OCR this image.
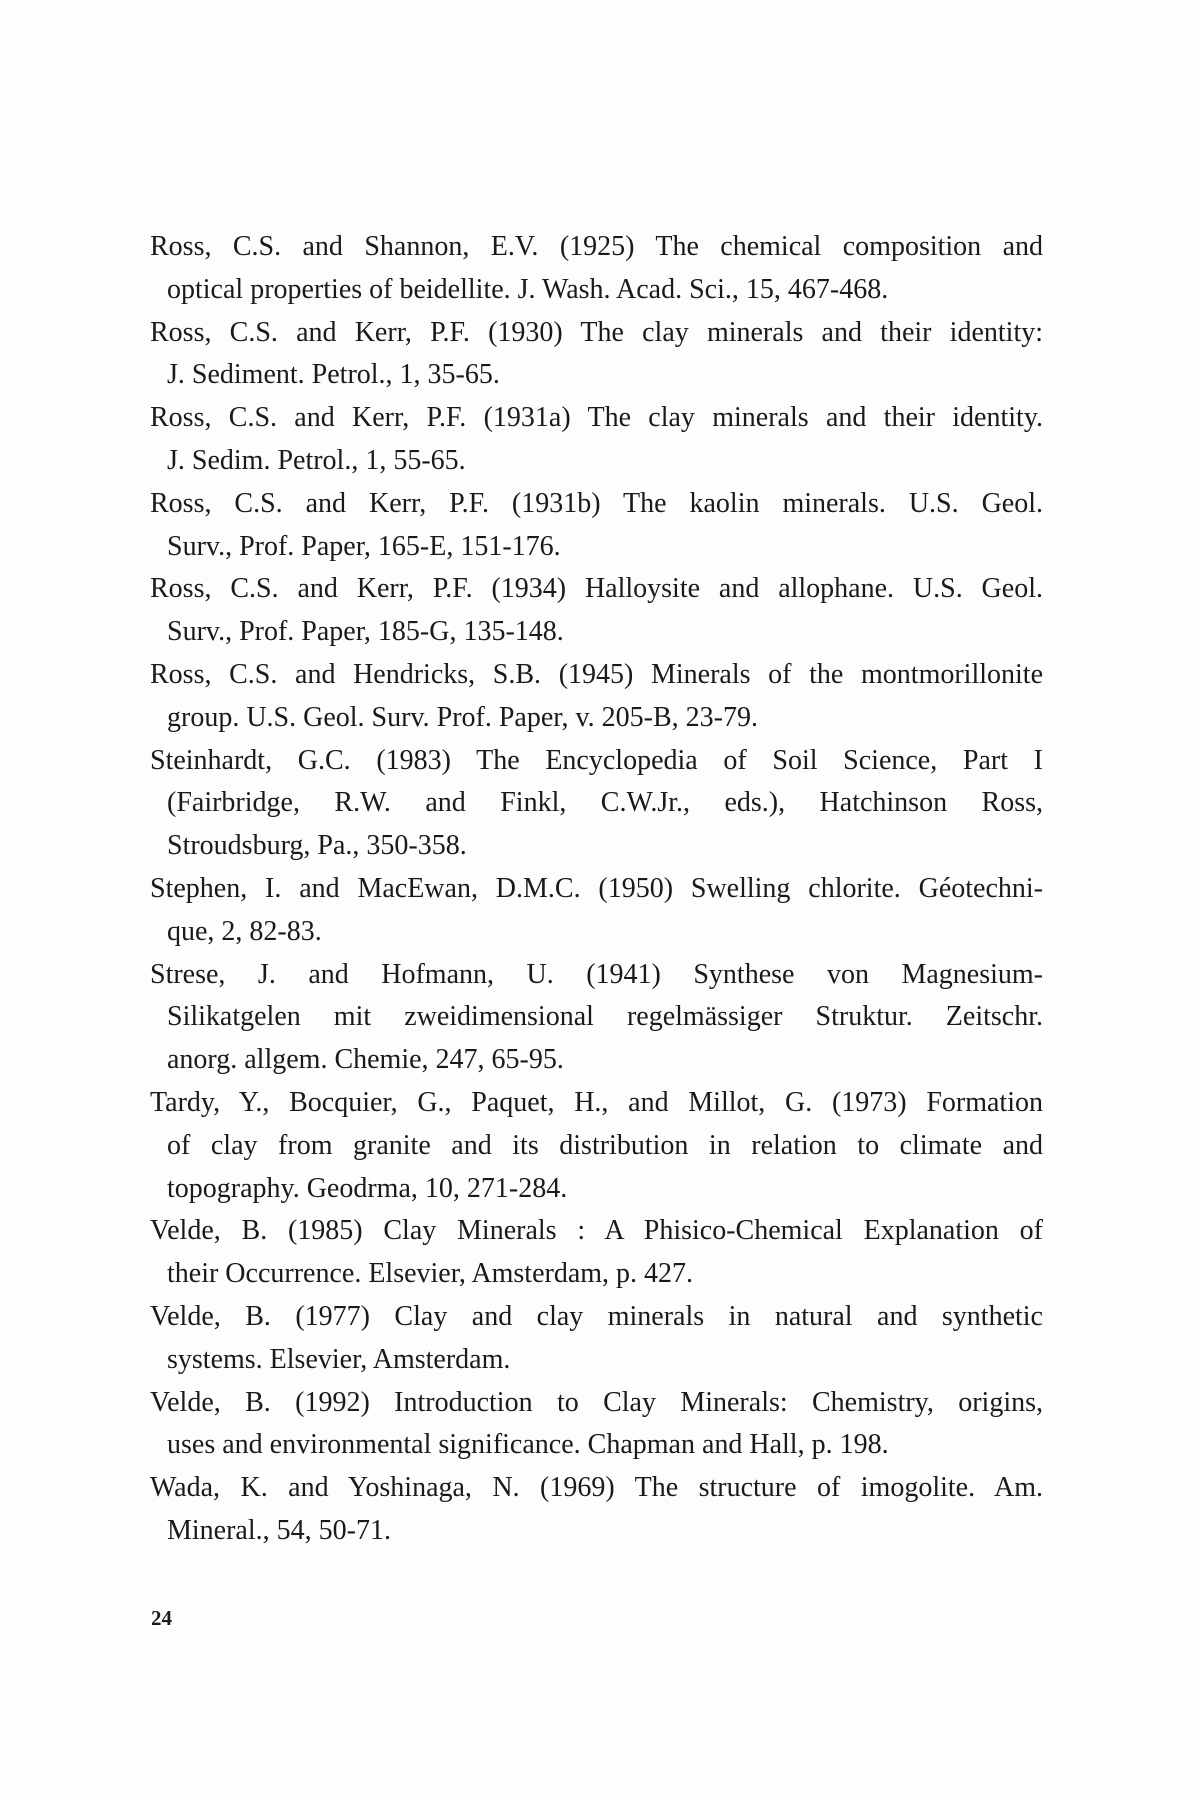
Ross, C.S. and Shannon, E.V. (1925) The chemical composition and
optical properties of beidellite. J. Wash. Acad. Sci., 15, 467-468.
Ross, C.S. and Kerr, P.F. (1930) The clay minerals and their identity:
J. Sediment. Petrol., 1, 35-65.
Ross, C.S. and Kerr, P.F. (1931a) The clay minerals and their identity.
J. Sedim. Petrol., 1, 55-65.
Ross, C.S. and Kerr, P.F. (1931b) The kaolin minerals. U.S. Geol.
Surv., Prof. Paper, 165-E, 151-176.
Ross, C.S. and Kerr, P.F. (1934) Halloysite and allophane. U.S. Geol.
Surv., Prof. Paper, 185-G, 135-148.
Ross, C.S. and Hendricks, S.B. (1945) Minerals of the montmorillonite
group. U.S. Geol. Surv. Prof. Paper, v. 205-B, 23-79.
Steinhardt, G.C. (1983) The Encyclopedia of Soil Science, Part I
(Fairbridge, R.W. and Finkl, C.W.Jr., eds.), Hatchinson Ross,
Stroudsburg, Pa., 350-358.
Stephen, I. and MacEwan, D.M.C. (1950) Swelling chlorite. Géotechni-
que, 2, 82-83.
Strese, J. and Hofmann, U. (1941) Synthese von Magnesium-
Silikatgelen mit zweidimensional regelmässiger Struktur. Zeitschr.
anorg. allgem. Chemie, 247, 65-95.
Tardy, Y., Bocquier, G., Paquet, H., and Millot, G. (1973) Formation
of clay from granite and its distribution in relation to climate and
topography. Geodrma, 10, 271-284.
Velde, B. (1985) Clay Minerals : A Phisico-Chemical Explanation of
their Occurrence. Elsevier, Amsterdam, p. 427.
Velde, B. (1977) Clay and clay minerals in natural and synthetic
systems. Elsevier, Amsterdam.
Velde, B. (1992) Introduction to Clay Minerals: Chemistry, origins,
uses and environmental significance. Chapman and Hall, p. 198.
Wada, K. and Yoshinaga, N. (1969) The structure of imogolite. Am.
Mineral., 54, 50-71.
24
